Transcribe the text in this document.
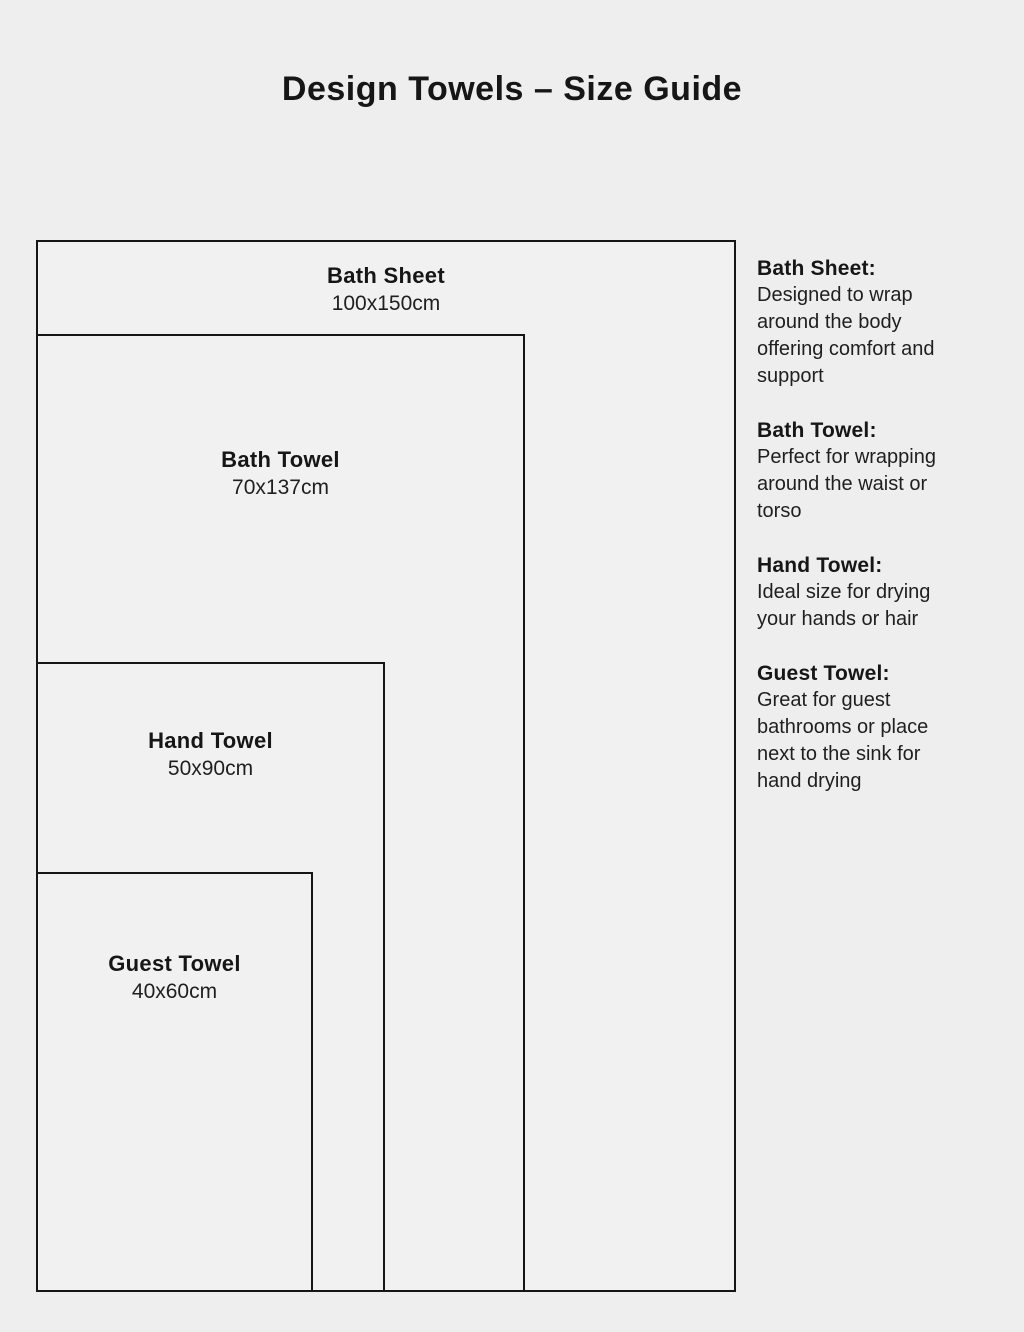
Design Towels – Size Guide
Bath Sheet
100x150cm
Bath Towel
70x137cm
Hand Towel
50x90cm
Guest Towel
40x60cm
Bath Sheet:
Designed to wrap
around the body
offering comfort and
support
Bath Towel:
Perfect for wrapping
around the waist or
torso
Hand Towel:
Ideal size for drying
your hands or hair
Guest Towel:
Great for guest
bathrooms or place
next to the sink for
hand drying
